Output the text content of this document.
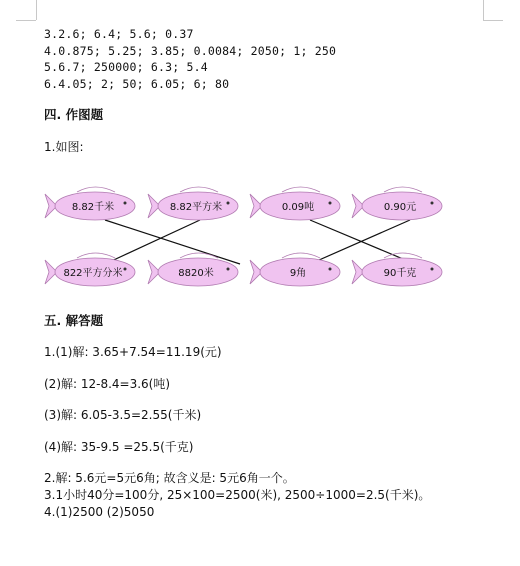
3.2.6; 6.4; 5.6; 0.37
4.0.875; 5.25; 3.85; 0.0084; 2050; 1; 250
5.6.7; 250000; 6.3; 5.4
6.4.05; 2; 50; 6.05; 6; 80
四. 作图题
1.如图:
8.82千米	8.82平方米	0.09吨	0.90元
822平方分米	8820米	9角	90千克
五. 解答题
1.(1)解: 3.65+7.54=11.19(元)
(2)解: 12-8.4=3.6(吨)
(3)解: 6.05-3.5=2.55(千米)
(4)解: 35-9.5 =25.5(千克)
2.解: 5.6元=5元6角; 故含义是: 5元6角一个。
3.1小时40分=100分, 25×100=2500(米), 2500÷1000=2.5(千米)。
4.(1)2500 (2)5050
